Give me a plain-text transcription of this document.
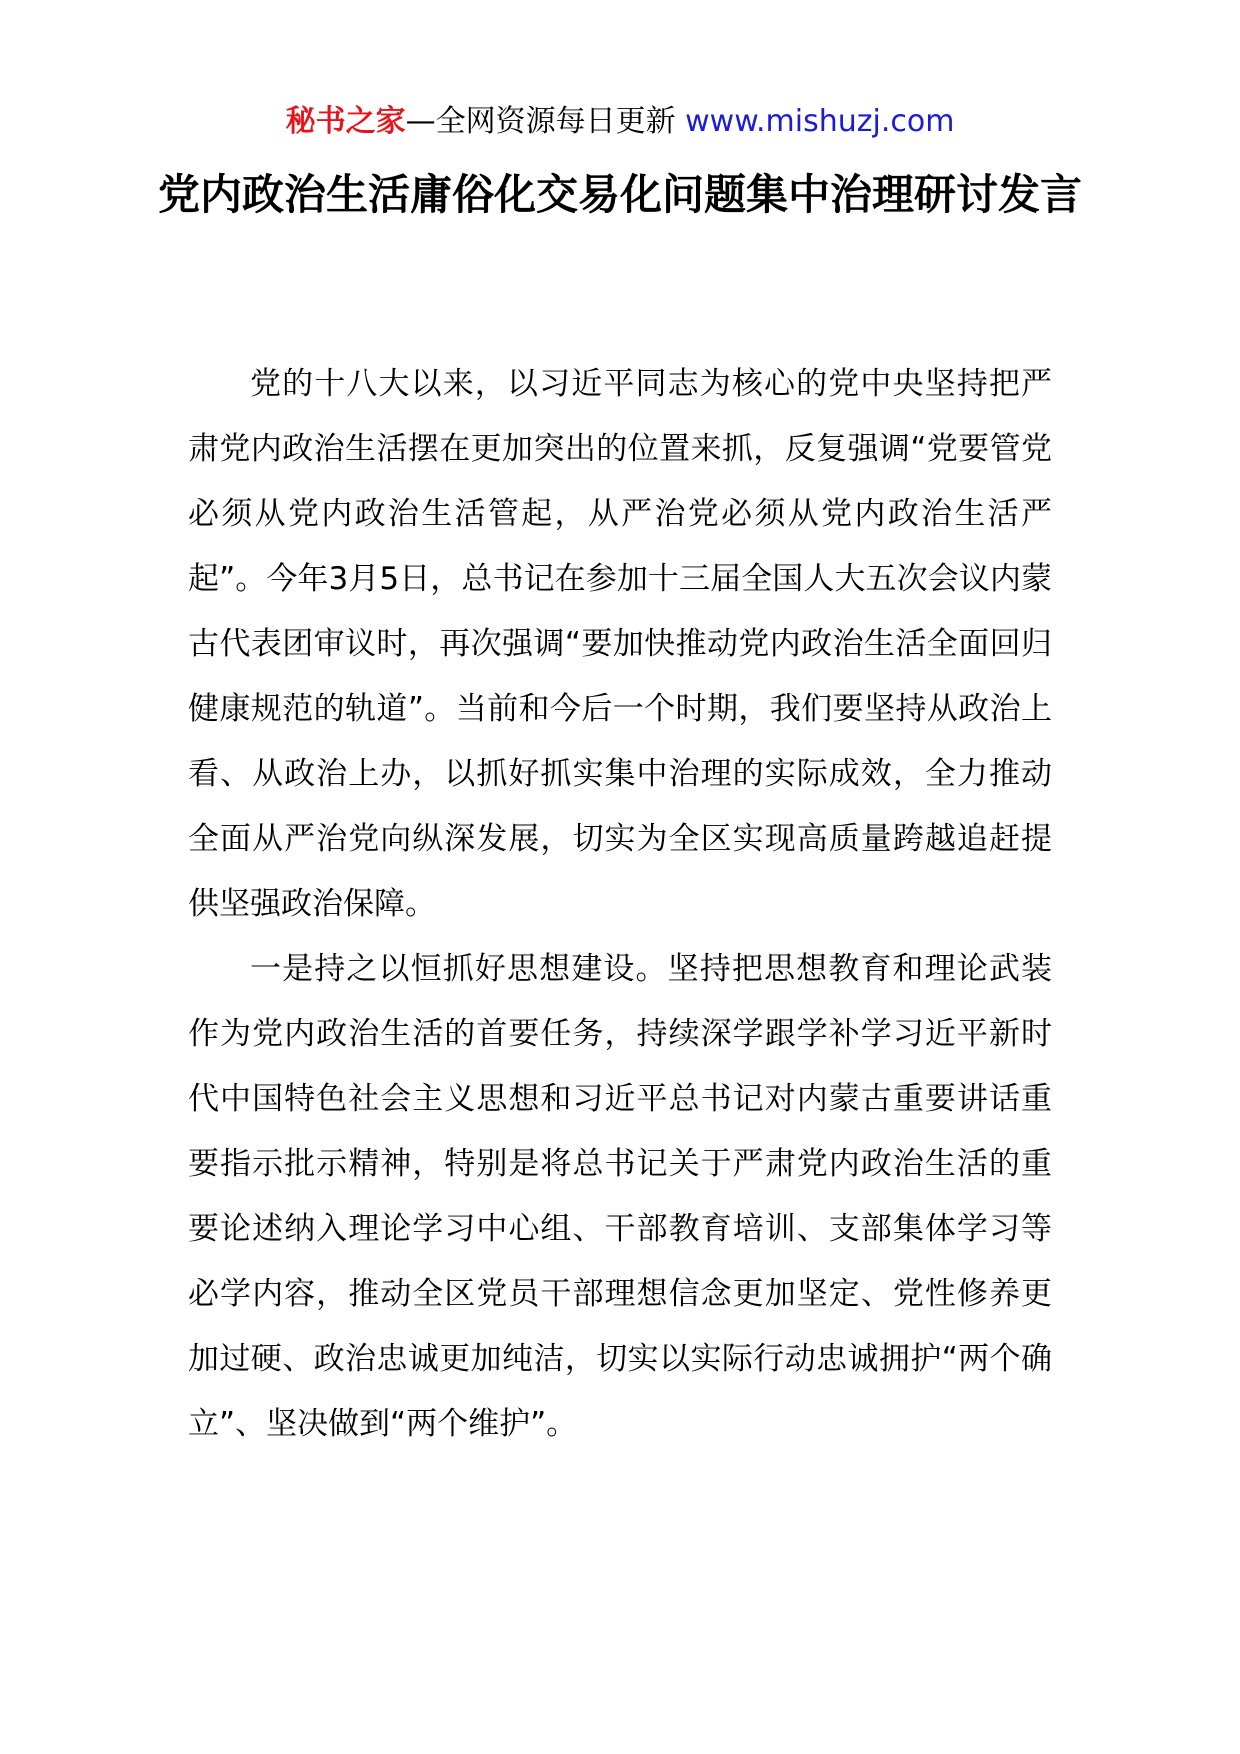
秘书之家—全网资源每日更新 www.mishuzj.com
党内政治生活庸俗化交易化问题集中治理研讨发言

党的十八大以来，以习近平同志为核心的党中央坚持把严肃党内政治生活摆在更加突出的位置来抓，反复强调“党要管党必须从党内政治生活管起，从严治党必须从党内政治生活严起”。今年3月5日，总书记在参加十三届全国人大五次会议内蒙古代表团审议时，再次强调“要加快推动党内政治生活全面回归健康规范的轨道”。当前和今后一个时期，我们要坚持从政治上看、从政治上办，以抓好抓实集中治理的实际成效，全力推动全面从严治党向纵深发展，切实为全区实现高质量跨越追赶提供坚强政治保障。

一是持之以恒抓好思想建设。坚持把思想教育和理论武装作为党内政治生活的首要任务，持续深学跟学补学习近平新时代中国特色社会主义思想和习近平总书记对内蒙古重要讲话重要指示批示精神，特别是将总书记关于严肃党内政治生活的重要论述纳入理论学习中心组、干部教育培训、支部集体学习等必学内容，推动全区党员干部理想信念更加坚定、党性修养更加过硬、政治忠诚更加纯洁，切实以实际行动忠诚拥护“两个确立”、坚决做到“两个维护”。
